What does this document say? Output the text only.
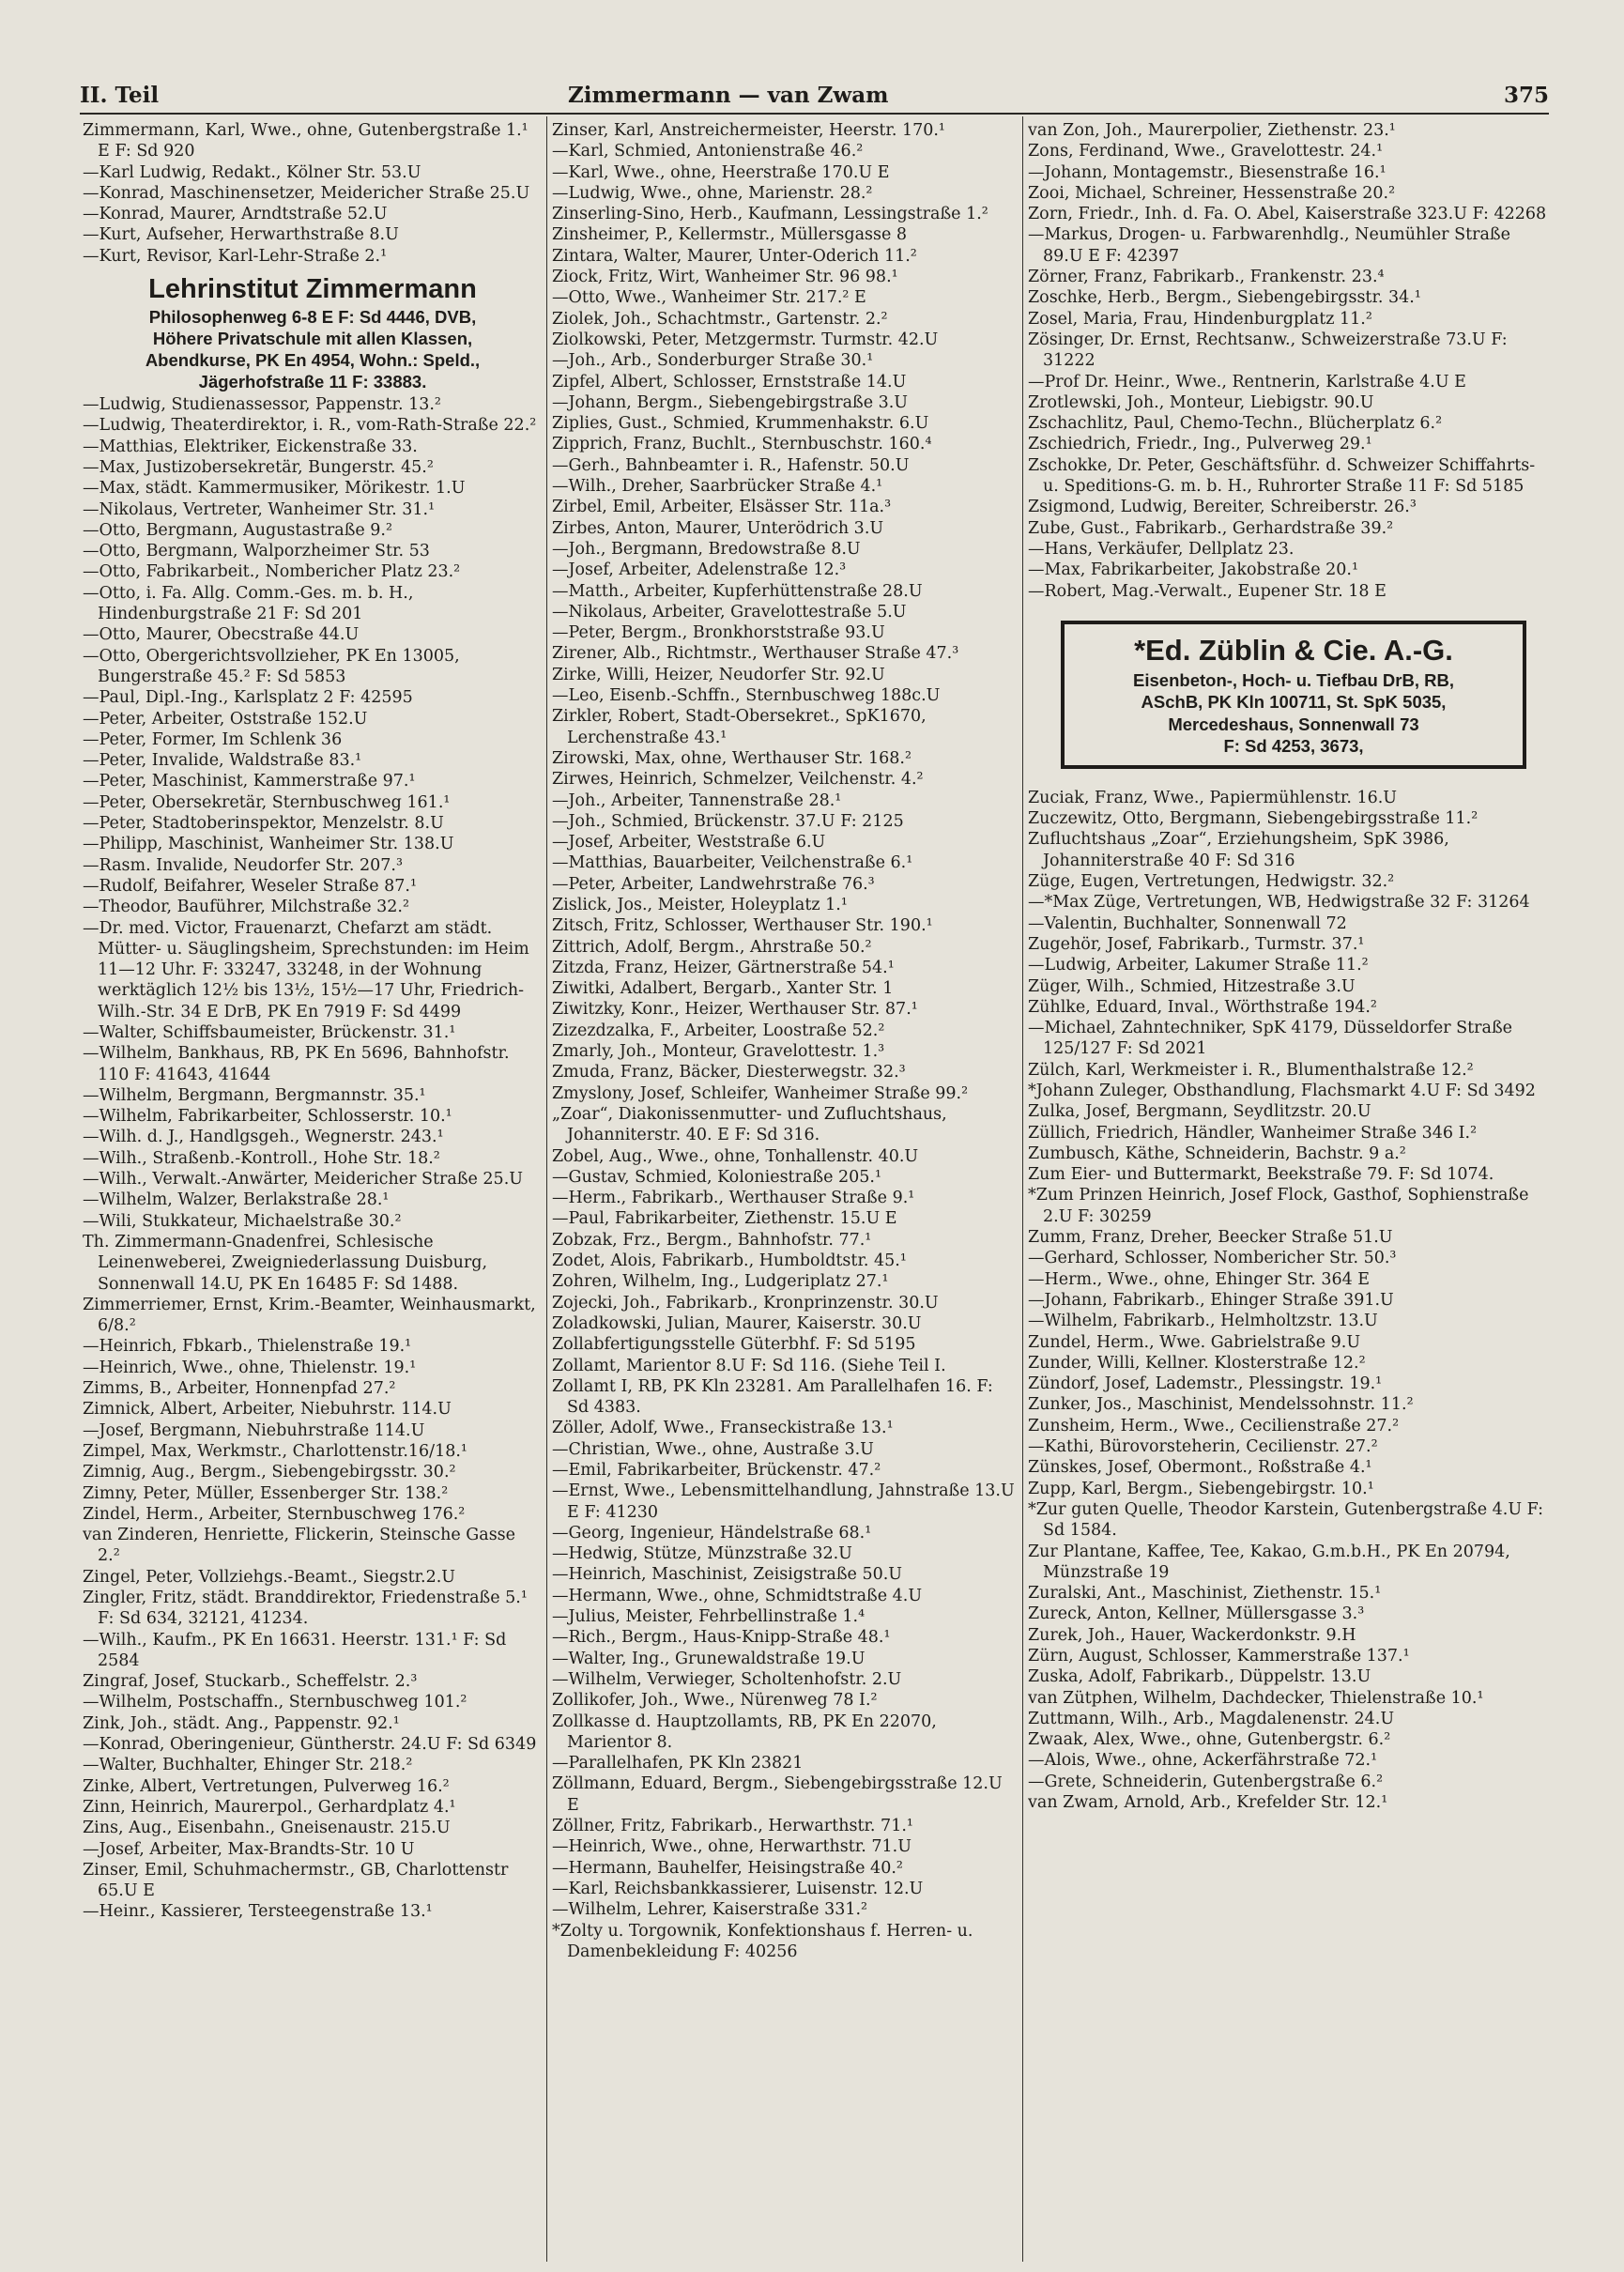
II. Teil	Zimmermann — van Zwam	375
Zimmermann, Karl, Wwe., ohne, Gutenbergstraße 1.¹ E F: Sd 920
—Karl Ludwig, Redakt., Kölner Str. 53.U
—Konrad, Maschinensetzer, Meidericher Straße 25.U
—Konrad, Maurer, Arndtstraße 52.U
—Kurt, Aufseher, Herwarthstraße 8.U
—Kurt, Revisor, Karl-Lehr-Straße 2.¹
Lehrinstitut Zimmermann
Philosophenweg 6-8 E F: Sd 4446, DVB,
Höhere Privatschule mit allen Klassen,
Abendkurse, PK En 4954, Wohn.: Speld.,
Jägerhofstraße 11 F: 33883.
—Ludwig, Studienassessor, Pappenstr. 13.²
—Ludwig, Theaterdirektor, i. R., vom-Rath-Straße 22.²
—Matthias, Elektriker, Eickenstraße 33.
—Max, Justizobersekretär, Bungerstr. 45.²
—Max, städt. Kammermusiker, Mörikestr. 1.U
—Nikolaus, Vertreter, Wanheimer Str. 31.¹
—Otto, Bergmann, Augustastraße 9.²
—Otto, Bergmann, Walporzheimer Str. 53
—Otto, Fabrikarbeit., Nombericher Platz 23.²
—Otto, i. Fa. Allg. Comm.-Ges. m. b. H., Hindenburgstraße 21 F: Sd 201
—Otto, Maurer, Obecstraße 44.U
—Otto, Obergerichtsvollzieher, PK En 13005, Bungerstraße 45.² F: Sd 5853
—Paul, Dipl.-Ing., Karlsplatz 2 F: 42595
—Peter, Arbeiter, Oststraße 152.U
—Peter, Former, Im Schlenk 36
—Peter, Invalide, Waldstraße 83.¹
—Peter, Maschinist, Kammerstraße 97.¹
—Peter, Obersekretär, Sternbuschweg 161.¹
—Peter, Stadtoberinspektor, Menzelstr. 8.U
—Philipp, Maschinist, Wanheimer Str. 138.U
—Rasm. Invalide, Neudorfer Str. 207.³
—Rudolf, Beifahrer, Weseler Straße 87.¹
—Theodor, Bauführer, Milchstraße 32.²
—Dr. med. Victor, Frauenarzt, Chefarzt am städt. Mütter- u. Säuglingsheim, Sprechstunden: im Heim 11—12 Uhr. F: 33247, 33248, in der Wohnung werktäglich 12½ bis 13½, 15½—17 Uhr, Friedrich-Wilh.-Str. 34 E DrB, PK En 7919 F: Sd 4499
—Walter, Schiffsbaumeister, Brückenstr. 31.¹
—Wilhelm, Bankhaus, RB, PK En 5696, Bahnhofstr. 110 F: 41643, 41644
—Wilhelm, Bergmann, Bergmannstr. 35.¹
—Wilhelm, Fabrikarbeiter, Schlosserstr. 10.¹
—Wilh. d. J., Handlgsgeh., Wegnerstr. 243.¹
—Wilh., Straßenb.-Kontroll., Hohe Str. 18.²
—Wilh., Verwalt.-Anwärter, Meidericher Straße 25.U
—Wilhelm, Walzer, Berlakstraße 28.¹
—Wili, Stukkateur, Michaelstraße 30.²
Th. Zimmermann-Gnadenfrei, Schlesische Leinenweberei, Zweigniederlassung Duisburg, Sonnenwall 14.U, PK En 16485 F: Sd 1488.
Zimmerriemer, Ernst, Krim.-Beamter, Weinhausmarkt, 6/8.²
—Heinrich, Fbkarb., Thielenstraße 19.¹
—Heinrich, Wwe., ohne, Thielenstr. 19.¹
Zimms, B., Arbeiter, Honnenpfad 27.²
Zimnick, Albert, Arbeiter, Niebuhrstr. 114.U
—Josef, Bergmann, Niebuhrstraße 114.U
Zimpel, Max, Werkmstr., Charlottenstr.16/18.¹
Zimnig, Aug., Bergm., Siebengebirgsstr. 30.²
Zimny, Peter, Müller, Essenberger Str. 138.²
Zindel, Herm., Arbeiter, Sternbuschweg 176.²
van Zinderen, Henriette, Flickerin, Steinsche Gasse 2.²
Zingel, Peter, Vollziehgs.-Beamt., Siegstr.2.U
Zingler, Fritz, städt. Branddirektor, Friedenstraße 5.¹ F: Sd 634, 32121, 41234.
—Wilh., Kaufm., PK En 16631. Heerstr. 131.¹ F: Sd 2584
Zingraf, Josef, Stuckarb., Scheffelstr. 2.³
—Wilhelm, Postschaffn., Sternbuschweg 101.²
Zink, Joh., städt. Ang., Pappenstr. 92.¹
—Konrad, Oberingenieur, Güntherstr. 24.U F: Sd 6349
—Walter, Buchhalter, Ehinger Str. 218.²
Zinke, Albert, Vertretungen, Pulverweg 16.²
Zinn, Heinrich, Maurerpol., Gerhardplatz 4.¹
Zins, Aug., Eisenbahn., Gneisenaustr. 215.U
—Josef, Arbeiter, Max-Brandts-Str. 10 U
Zinser, Emil, Schuhmachermstr., GB, Charlottenstr 65.U E
—Heinr., Kassierer, Tersteegenstraße 13.¹
Zinser, Karl, Anstreichermeister, Heerstr. 170.¹
—Karl, Schmied, Antonienstraße 46.²
—Karl, Wwe., ohne, Heerstraße 170.U E
—Ludwig, Wwe., ohne, Marienstr. 28.²
Zinserling-Sino, Herb., Kaufmann, Lessingstraße 1.²
Zinsheimer, P., Kellermstr., Müllersgasse 8
Zintara, Walter, Maurer, Unter-Oderich 11.²
Ziock, Fritz, Wirt, Wanheimer Str. 96 98.¹
—Otto, Wwe., Wanheimer Str. 217.² E
Ziolek, Joh., Schachtmstr., Gartenstr. 2.²
Ziolkowski, Peter, Metzgermstr. Turmstr. 42.U
—Joh., Arb., Sonderburger Straße 30.¹
Zipfel, Albert, Schlosser, Ernststraße 14.U
—Johann, Bergm., Siebengebirgstraße 3.U
Ziplies, Gust., Schmied, Krummenhakstr. 6.U
Zipprich, Franz, Buchlt., Sternbuschstr. 160.⁴
—Gerh., Bahnbeamter i. R., Hafenstr. 50.U
—Wilh., Dreher, Saarbrücker Straße 4.¹
Zirbel, Emil, Arbeiter, Elsässer Str. 11a.³
Zirbes, Anton, Maurer, Unterödrich 3.U
—Joh., Bergmann, Bredowstraße 8.U
—Josef, Arbeiter, Adelenstraße 12.³
—Matth., Arbeiter, Kupferhüttenstraße 28.U
—Nikolaus, Arbeiter, Gravelottestraße 5.U
—Peter, Bergm., Bronkhorststraße 93.U
Zirener, Alb., Richtmstr., Werthauser Straße 47.³
Zirke, Willi, Heizer, Neudorfer Str. 92.U
—Leo, Eisenb.-Schffn., Sternbuschweg 188c.U
Zirkler, Robert, Stadt-Obersekret., SpK1670, Lerchenstraße 43.¹
Zirowski, Max, ohne, Werthauser Str. 168.²
Zirwes, Heinrich, Schmelzer, Veilchenstr. 4.²
—Joh., Arbeiter, Tannenstraße 28.¹
—Joh., Schmied, Brückenstr. 37.U F: 2125
—Josef, Arbeiter, Weststraße 6.U
—Matthias, Bauarbeiter, Veilchenstraße 6.¹
—Peter, Arbeiter, Landwehrstraße 76.³
Zislick, Jos., Meister, Holeyplatz 1.¹
Zitsch, Fritz, Schlosser, Werthauser Str. 190.¹
Zittrich, Adolf, Bergm., Ahrstraße 50.²
Zitzda, Franz, Heizer, Gärtnerstraße 54.¹
Ziwitki, Adalbert, Bergarb., Xanter Str. 1
Ziwitzky, Konr., Heizer, Werthauser Str. 87.¹
Zizezdzalka, F., Arbeiter, Loostraße 52.²
Zmarly, Joh., Monteur, Gravelottestr. 1.³
Zmuda, Franz, Bäcker, Diesterwegstr. 32.³
Zmyslony, Josef, Schleifer, Wanheimer Straße 99.²
„Zoar“, Diakonissenmutter- und Zufluchtshaus, Johanniterstr. 40. E F: Sd 316.
Zobel, Aug., Wwe., ohne, Tonhallenstr. 40.U
—Gustav, Schmied, Koloniestraße 205.¹
—Herm., Fabrikarb., Werthauser Straße 9.¹
—Paul, Fabrikarbeiter, Ziethenstr. 15.U E
Zobzak, Frz., Bergm., Bahnhofstr. 77.¹
Zodet, Alois, Fabrikarb., Humboldtstr. 45.¹
Zohren, Wilhelm, Ing., Ludgeriplatz 27.¹
Zojecki, Joh., Fabrikarb., Kronprinzenstr. 30.U
Zoladkowski, Julian, Maurer, Kaiserstr. 30.U
Zollabfertigungsstelle Güterbhf. F: Sd 5195
Zollamt, Marientor 8.U F: Sd 116. (Siehe Teil I.
Zollamt I, RB, PK Kln 23281. Am Parallelhafen 16. F: Sd 4383.
Zöller, Adolf, Wwe., Franseckistraße 13.¹
—Christian, Wwe., ohne, Austraße 3.U
—Emil, Fabrikarbeiter, Brückenstr. 47.²
—Ernst, Wwe., Lebensmittelhandlung, Jahnstraße 13.U E F: 41230
—Georg, Ingenieur, Händelstraße 68.¹
—Hedwig, Stütze, Münzstraße 32.U
—Heinrich, Maschinist, Zeisigstraße 50.U
—Hermann, Wwe., ohne, Schmidtstraße 4.U
—Julius, Meister, Fehrbellinstraße 1.⁴
—Rich., Bergm., Haus-Knipp-Straße 48.¹
—Walter, Ing., Grunewaldstraße 19.U
—Wilhelm, Verwieger, Scholtenhofstr. 2.U
Zollikofer, Joh., Wwe., Nürenweg 78 I.²
Zollkasse d. Hauptzollamts, RB, PK En 22070, Marientor 8.
—Parallelhafen, PK Kln 23821
Zöllmann, Eduard, Bergm., Siebengebirgsstraße 12.U E
Zöllner, Fritz, Fabrikarb., Herwarthstr. 71.¹
—Heinrich, Wwe., ohne, Herwarthstr. 71.U
—Hermann, Bauhelfer, Heisingstraße 40.²
—Karl, Reichsbankkassierer, Luisenstr. 12.U
—Wilhelm, Lehrer, Kaiserstraße 331.²
*Zolty u. Torgownik, Konfektionshaus f. Herren- u. Damenbekleidung F: 40256
van Zon, Joh., Maurerpolier, Ziethenstr. 23.¹
Zons, Ferdinand, Wwe., Gravelottestr. 24.¹
—Johann, Montagemstr., Biesenstraße 16.¹
Zooi, Michael, Schreiner, Hessenstraße 20.²
Zorn, Friedr., Inh. d. Fa. O. Abel, Kaiserstraße 323.U F: 42268
—Markus, Drogen- u. Farbwarenhdlg., Neumühler Straße 89.U E F: 42397
Zörner, Franz, Fabrikarb., Frankenstr. 23.⁴
Zoschke, Herb., Bergm., Siebengebirgsstr. 34.¹
Zosel, Maria, Frau, Hindenburgplatz 11.²
Zösinger, Dr. Ernst, Rechtsanw., Schweizerstraße 73.U F: 31222
—Prof Dr. Heinr., Wwe., Rentnerin, Karlstraße 4.U E
Zrotlewski, Joh., Monteur, Liebigstr. 90.U
Zschachlitz, Paul, Chemo-Techn., Blücherplatz 6.²
Zschiedrich, Friedr., Ing., Pulverweg 29.¹
Zschokke, Dr. Peter, Geschäftsführ. d. Schweizer Schiffahrts- u. Speditions-G. m. b. H., Ruhrorter Straße 11 F: Sd 5185
Zsigmond, Ludwig, Bereiter, Schreiberstr. 26.³
Zube, Gust., Fabrikarb., Gerhardstraße 39.²
—Hans, Verkäufer, Dellplatz 23.
—Max, Fabrikarbeiter, Jakobstraße 20.¹
—Robert, Mag.-Verwalt., Eupener Str. 18 E
*Ed. Züblin & Cie. A.-G.
Eisenbeton-, Hoch- u. Tiefbau DrB, RB,
ASchB, PK Kln 100711, St. SpK 5035,
Mercedeshaus, Sonnenwall 73
F: Sd 4253, 3673,
Zuciak, Franz, Wwe., Papiermühlenstr. 16.U
Zuczewitz, Otto, Bergmann, Siebengebirgsstraße 11.²
Zufluchtshaus „Zoar“, Erziehungsheim, SpK 3986, Johanniterstraße 40 F: Sd 316
Züge, Eugen, Vertretungen, Hedwigstr. 32.²
—*Max Züge, Vertretungen, WB, Hedwigstraße 32 F: 31264
—Valentin, Buchhalter, Sonnenwall 72
Zugehör, Josef, Fabrikarb., Turmstr. 37.¹
—Ludwig, Arbeiter, Lakumer Straße 11.²
Züger, Wilh., Schmied, Hitzestraße 3.U
Zühlke, Eduard, Inval., Wörthstraße 194.²
—Michael, Zahntechniker, SpK 4179, Düsseldorfer Straße 125/127 F: Sd 2021
Zülch, Karl, Werkmeister i. R., Blumenthalstraße 12.²
*Johann Zuleger, Obsthandlung, Flachsmarkt 4.U F: Sd 3492
Zulka, Josef, Bergmann, Seydlitzstr. 20.U
Züllich, Friedrich, Händler, Wanheimer Straße 346 I.²
Zumbusch, Käthe, Schneiderin, Bachstr. 9 a.²
Zum Eier- und Buttermarkt, Beekstraße 79. F: Sd 1074.
*Zum Prinzen Heinrich, Josef Flock, Gasthof, Sophienstraße 2.U F: 30259
Zumm, Franz, Dreher, Beecker Straße 51.U
—Gerhard, Schlosser, Nombericher Str. 50.³
—Herm., Wwe., ohne, Ehinger Str. 364 E
—Johann, Fabrikarb., Ehinger Straße 391.U
—Wilhelm, Fabrikarb., Helmholtzstr. 13.U
Zundel, Herm., Wwe. Gabrielstraße 9.U
Zunder, Willi, Kellner. Klosterstraße 12.²
Zündorf, Josef, Lademstr., Plessingstr. 19.¹
Zunker, Jos., Maschinist, Mendelssohnstr. 11.²
Zunsheim, Herm., Wwe., Cecilienstraße 27.²
—Kathi, Bürovorsteherin, Cecilienstr. 27.²
Zünskes, Josef, Obermont., Roßstraße 4.¹
Zupp, Karl, Bergm., Siebengebirgstr. 10.¹
*Zur guten Quelle, Theodor Karstein, Gutenbergstraße 4.U F: Sd 1584.
Zur Plantane, Kaffee, Tee, Kakao, G.m.b.H., PK En 20794, Münzstraße 19
Zuralski, Ant., Maschinist, Ziethenstr. 15.¹
Zureck, Anton, Kellner, Müllersgasse 3.³
Zurek, Joh., Hauer, Wackerdonkstr. 9.H
Zürn, August, Schlosser, Kammerstraße 137.¹
Zuska, Adolf, Fabrikarb., Düppelstr. 13.U
van Zütphen, Wilhelm, Dachdecker, Thielenstraße 10.¹
Zuttmann, Wilh., Arb., Magdalenenstr. 24.U
Zwaak, Alex, Wwe., ohne, Gutenbergstr. 6.²
—Alois, Wwe., ohne, Ackerfährstraße 72.¹
—Grete, Schneiderin, Gutenbergstraße 6.²
van Zwam, Arnold, Arb., Krefelder Str. 12.¹
